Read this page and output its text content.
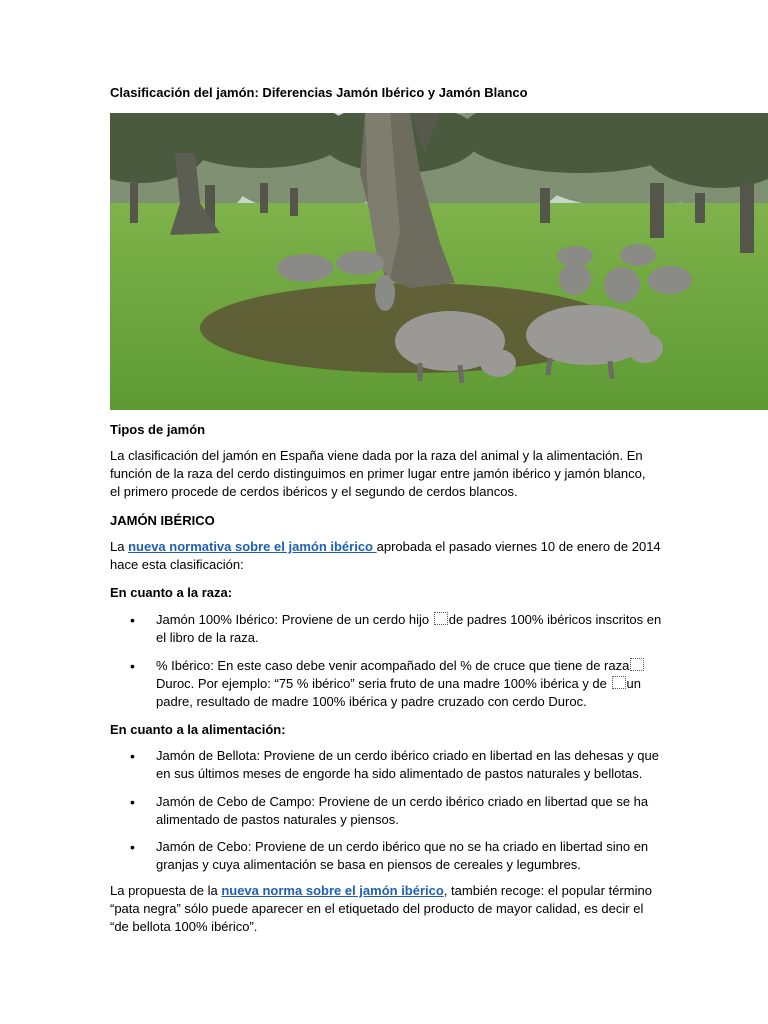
Clasificación del jamón: Diferencias Jamón Ibérico y Jamón Blanco
Tipos de jamón
La clasificación del jamón en España viene dada por la raza del animal y la alimentación. En
función de la raza del cerdo distinguimos en primer lugar entre jamón ibérico y jamón blanco,
el primero procede de cerdos ibéricos y el segundo de cerdos blancos.
JAMÓN IBÉRICO
La nueva normativa sobre el jamón ibérico aprobada el pasado viernes 10 de enero de 2014
hace esta clasificación:
En cuanto a la raza:
• Jamón 100% Ibérico: Proviene de un cerdo hijo de padres 100% ibéricos inscritos en
el libro de la raza.
• % Ibérico: En este caso debe venir acompañado del % de cruce que tiene de raza
Duroc. Por ejemplo: “75 % ibérico” seria fruto de una madre 100% ibérica y de un
padre, resultado de madre 100% ibérica y padre cruzado con cerdo Duroc.
En cuanto a la alimentación:
• Jamón de Bellota: Proviene de un cerdo ibérico criado en libertad en las dehesas y que
en sus últimos meses de engorde ha sido alimentado de pastos naturales y bellotas.
• Jamón de Cebo de Campo: Proviene de un cerdo ibérico criado en libertad que se ha
alimentado de pastos naturales y piensos.
• Jamón de Cebo: Proviene de un cerdo ibérico que no se ha criado en libertad sino en
granjas y cuya alimentación se basa en piensos de cereales y legumbres.
La propuesta de la nueva norma sobre el jamón ibérico, también recoge: el popular término
“pata negra” sólo puede aparecer en el etiquetado del producto de mayor calidad, es decir el
“de bellota 100% ibérico”.
